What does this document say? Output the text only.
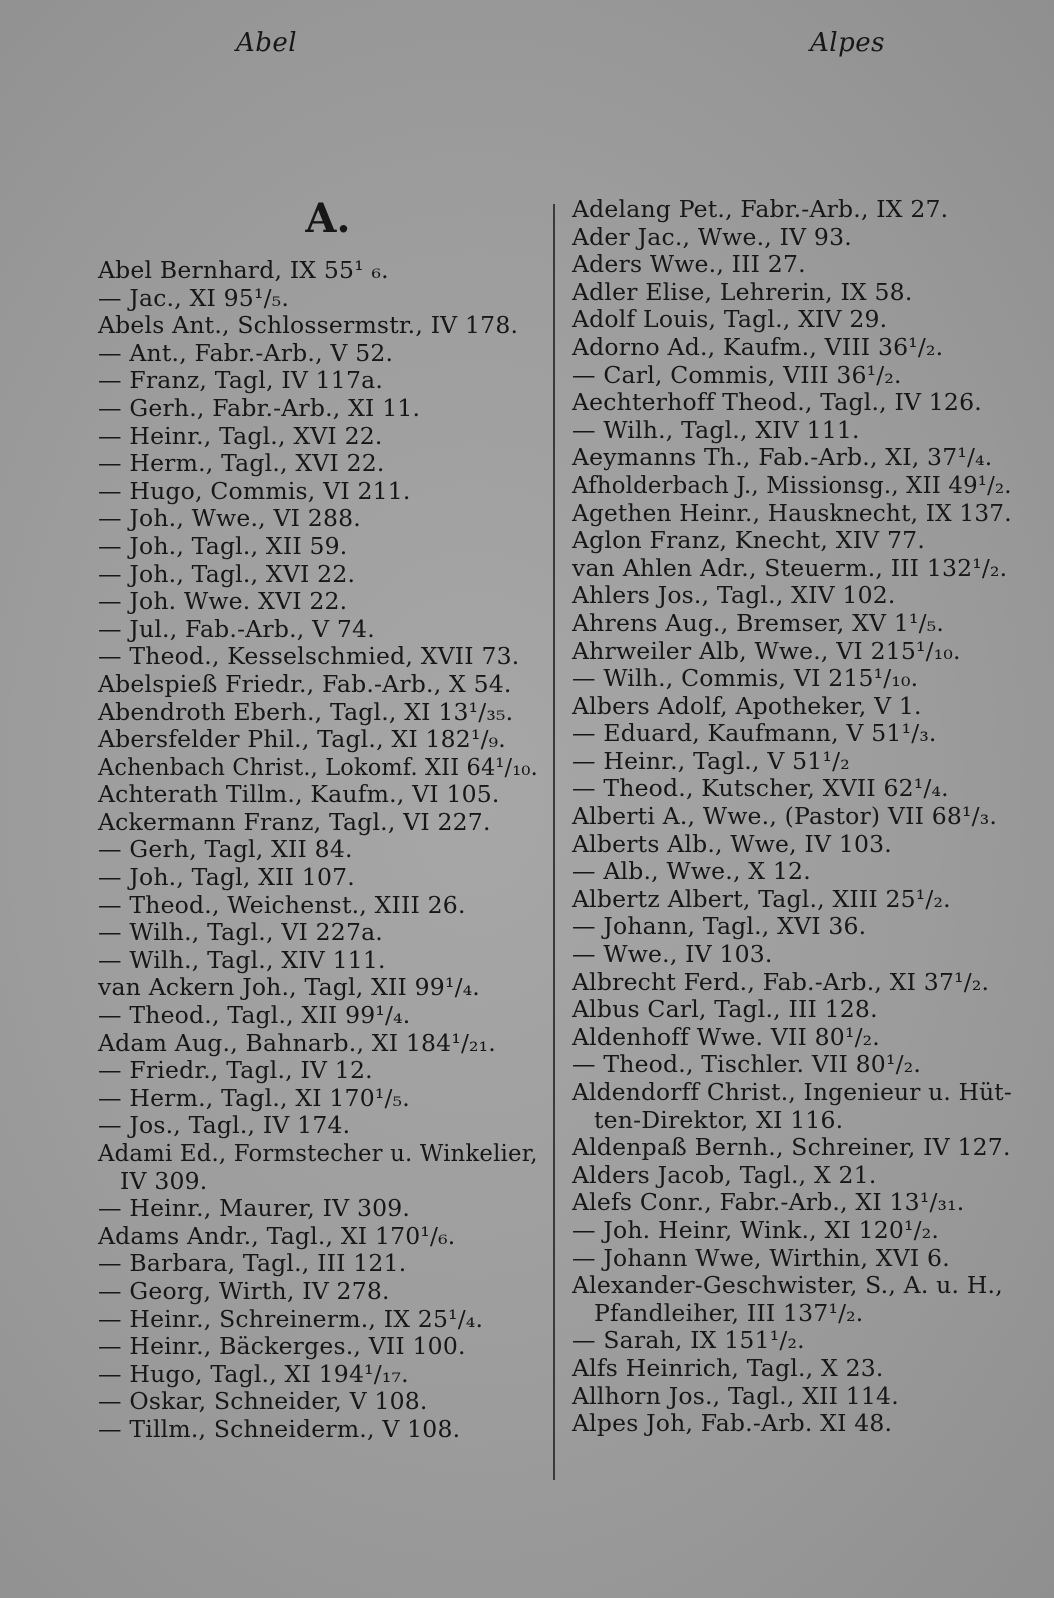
Abel	Alpes
A.
Abel Bernhard, IX 55¹ ₆.
— Jac., XI 95¹/₅.
Abels Ant., Schlossermstr., IV 178.
— Ant., Fabr.-Arb., V 52.
— Franz, Tagl, IV 117a.
— Gerh., Fabr.-Arb., XI 11.
— Heinr., Tagl., XVI 22.
— Herm., Tagl., XVI 22.
— Hugo, Commis, VI 211.
— Joh., Wwe., VI 288.
— Joh., Tagl., XII 59.
— Joh., Tagl., XVI 22.
— Joh. Wwe. XVI 22.
— Jul., Fab.-Arb., V 74.
— Theod., Kesselschmied, XVII 73.
Abelspieß Friedr., Fab.-Arb., X 54.
Abendroth Eberh., Tagl., XI 13¹/₃₅.
Abersfelder Phil., Tagl., XI 182¹/₉.
Achenbach Christ., Lokomf. XII 64¹/₁₀.
Achterath Tillm., Kaufm., VI 105.
Ackermann Franz, Tagl., VI 227.
— Gerh, Tagl, XII 84.
— Joh., Tagl, XII 107.
— Theod., Weichenst., XIII 26.
— Wilh., Tagl., VI 227a.
— Wilh., Tagl., XIV 111.
van Ackern Joh., Tagl, XII 99¹/₄.
— Theod., Tagl., XII 99¹/₄.
Adam Aug., Bahnarb., XI 184¹/₂₁.
— Friedr., Tagl., IV 12.
— Herm., Tagl., XI 170¹/₅.
— Jos., Tagl., IV 174.
Adami Ed., Formstecher u. Winkelier,
IV 309.
— Heinr., Maurer, IV 309.
Adams Andr., Tagl., XI 170¹/₆.
— Barbara, Tagl., III 121.
— Georg, Wirth, IV 278.
— Heinr., Schreinerm., IX 25¹/₄.
— Heinr., Bäckerges., VII 100.
— Hugo, Tagl., XI 194¹/₁₇.
— Oskar, Schneider, V 108.
— Tillm., Schneiderm., V 108.
Adelang Pet., Fabr.-Arb., IX 27.
Ader Jac., Wwe., IV 93.
Aders Wwe., III 27.
Adler Elise, Lehrerin, IX 58.
Adolf Louis, Tagl., XIV 29.
Adorno Ad., Kaufm., VIII 36¹/₂.
— Carl, Commis, VIII 36¹/₂.
Aechterhoff Theod., Tagl., IV 126.
— Wilh., Tagl., XIV 111.
Aeymanns Th., Fab.-Arb., XI, 37¹/₄.
Afholderbach J., Missionsg., XII 49¹/₂.
Agethen Heinr., Hausknecht, IX 137.
Aglon Franz, Knecht, XIV 77.
van Ahlen Adr., Steuerm., III 132¹/₂.
Ahlers Jos., Tagl., XIV 102.
Ahrens Aug., Bremser, XV 1¹/₅.
Ahrweiler Alb, Wwe., VI 215¹/₁₀.
— Wilh., Commis, VI 215¹/₁₀.
Albers Adolf, Apotheker, V 1.
— Eduard, Kaufmann, V 51¹/₃.
— Heinr., Tagl., V 51¹/₂
— Theod., Kutscher, XVII 62¹/₄.
Alberti A., Wwe., (Pastor) VII 68¹/₃.
Alberts Alb., Wwe, IV 103.
— Alb., Wwe., X 12.
Albertz Albert, Tagl., XIII 25¹/₂.
— Johann, Tagl., XVI 36.
— Wwe., IV 103.
Albrecht Ferd., Fab.-Arb., XI 37¹/₂.
Albus Carl, Tagl., III 128.
Aldenhoff Wwe. VII 80¹/₂.
— Theod., Tischler. VII 80¹/₂.
Aldendorff Christ., Ingenieur u. Hüt-
ten-Direktor, XI 116.
Aldenpaß Bernh., Schreiner, IV 127.
Alders Jacob, Tagl., X 21.
Alefs Conr., Fabr.-Arb., XI 13¹/₃₁.
— Joh. Heinr, Wink., XI 120¹/₂.
— Johann Wwe, Wirthin, XVI 6.
Alexander-Geschwister, S., A. u. H.,
Pfandleiher, III 137¹/₂.
— Sarah, IX 151¹/₂.
Alfs Heinrich, Tagl., X 23.
Allhorn Jos., Tagl., XII 114.
Alpes Joh, Fab.-Arb. XI 48.
